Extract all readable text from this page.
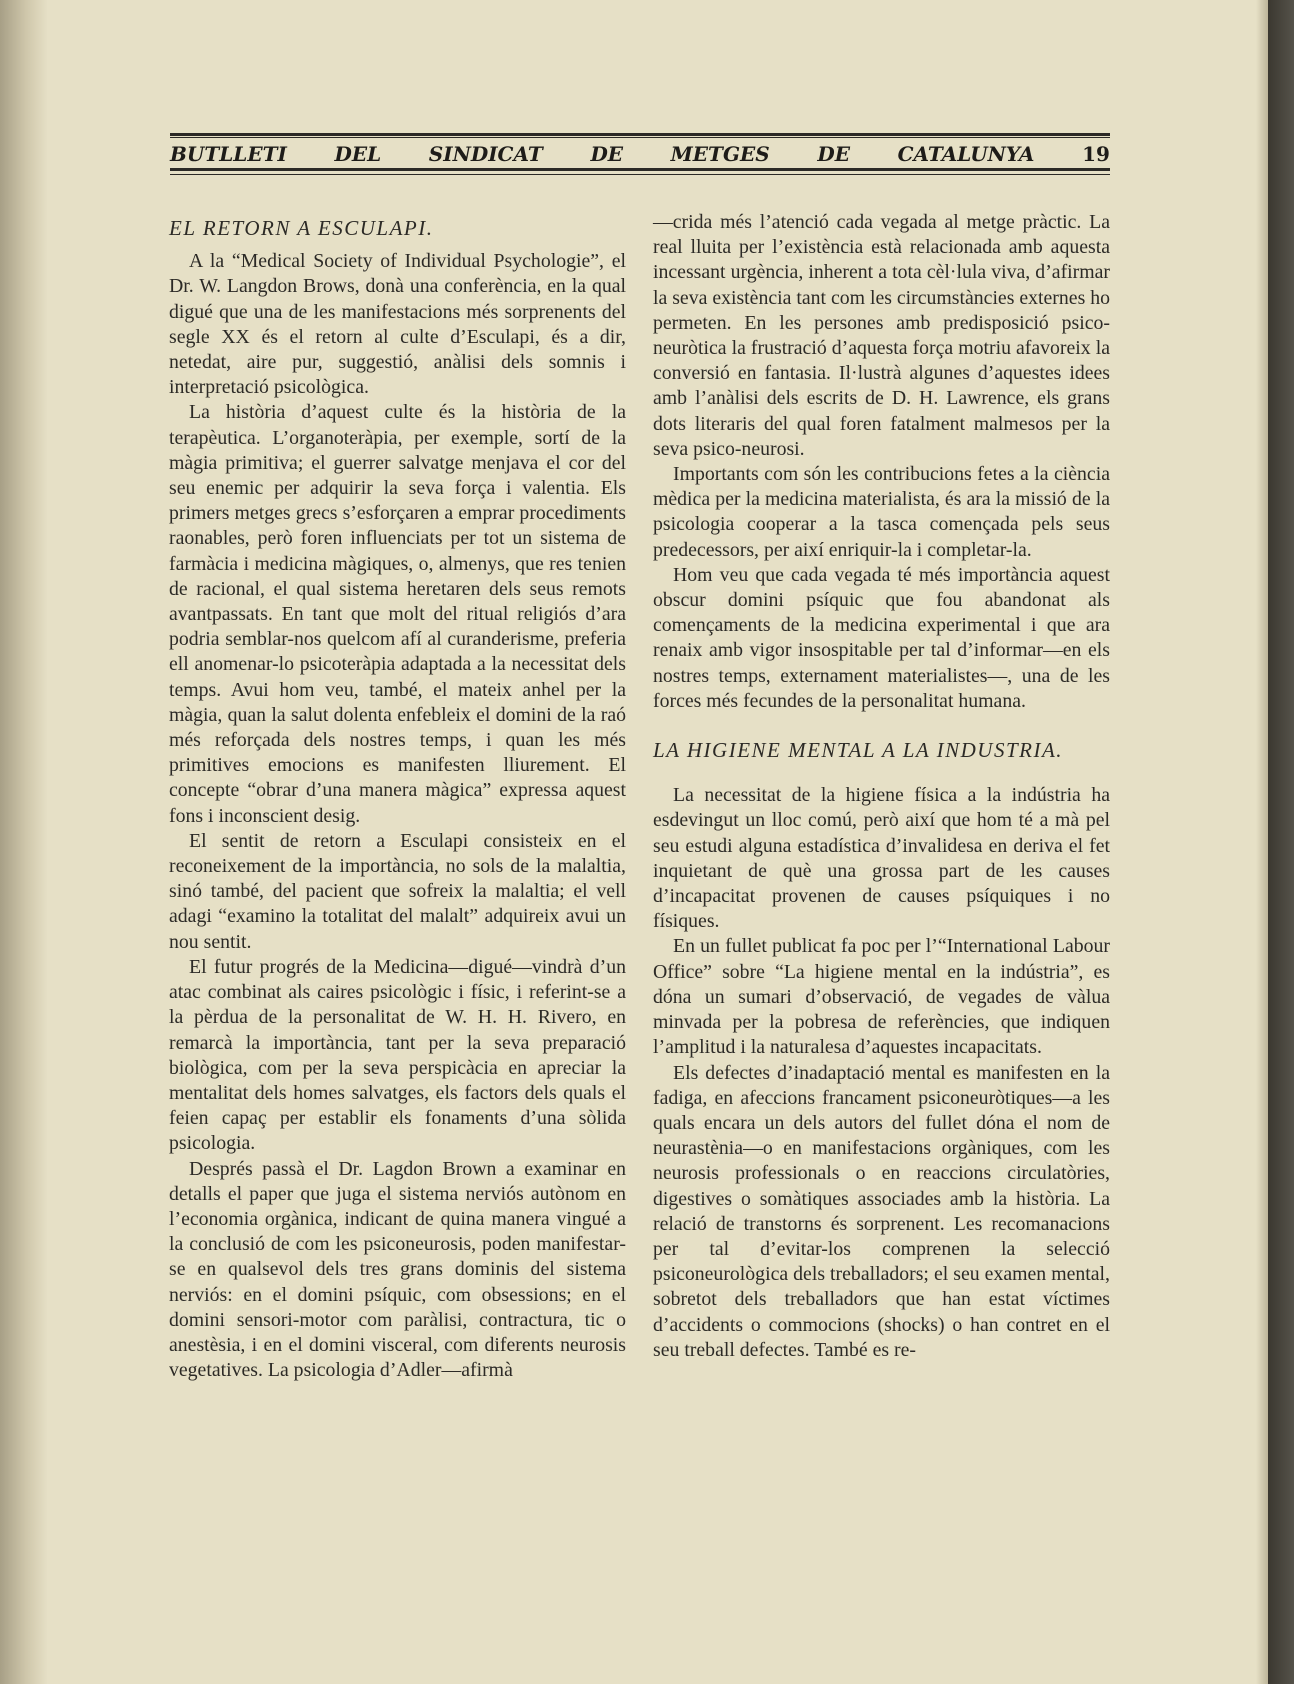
BUTLLETI DEL SINDICAT DE METGES DE CATALUNYA 19
EL RETORN A ESCULAPI.

A la “Medical Society of Individual Psychologie”, el Dr. W. Langdon Brows, donà una conferència, en la qual digué que una de les manifestacions més sorprenents del segle XX és el retorn al culte d’Esculapi, és a dir, netedat, aire pur, suggestió, anàlisi dels somnis i interpretació psicològica.

La història d’aquest culte és la història de la terapèutica. L’organoteràpia, per exemple, sortí de la màgia primitiva; el guerrer salvatge menjava el cor del seu enemic per adquirir la seva força i valentia. Els primers metges grecs s’esforçaren a emprar procediments raonables, però foren influenciats per tot un sistema de farmàcia i medicina màgiques, o, almenys, que res tenien de racional, el qual sistema heretaren dels seus remots avantpassats. En tant que molt del ritual religiós d’ara podria semblar-nos quelcom afí al curanderisme, preferia ell anomenar-lo psicoteràpia adaptada a la necessitat dels temps. Avui hom veu, també, el mateix anhel per la màgia, quan la salut dolenta enfebleix el domini de la raó més reforçada dels nostres temps, i quan les més primitives emocions es manifesten lliurement. El concepte “obrar d’una manera màgica” expressa aquest fons i inconscient desig.

El sentit de retorn a Esculapi consisteix en el reconeixement de la importància, no sols de la malaltia, sinó també, del pacient que sofreix la malaltia; el vell adagi “examino la totalitat del malalt” adquireix avui un nou sentit.

El futur progrés de la Medicina—digué—vindrà d’un atac combinat als caires psicològic i físic, i referint-se a la pèrdua de la personalitat de W. H. H. Rivero, en remarcà la importància, tant per la seva preparació biològica, com per la seva perspicàcia en apreciar la mentalitat dels homes salvatges, els factors dels quals el feien capaç per establir els fonaments d’una sòlida psicologia.

Després passà el Dr. Lagdon Brown a examinar en detalls el paper que juga el sistema nerviós autònom en l’economia orgànica, indicant de quina manera vingué a la conclusió de com les psiconeurosis, poden manifestar-se en qualsevol dels tres grans dominis del sistema nerviós: en el domini psíquic, com obsessions; en el domini sensori-motor com paràlisi, contractura, tic o anestèsia, i en el domini visceral, com diferents neurosis vegetatives. La psicologia d’Adler—afirmà

—crida més l’atenció cada vegada al metge pràctic. La real lluita per l’existència està relacionada amb aquesta incessant urgència, inherent a tota cèl·lula viva, d’afirmar la seva existència tant com les circumstàncies externes ho permeten. En les persones amb predisposició psico-neuròtica la frustració d’aquesta força motriu afavoreix la conversió en fantasia. Il·lustrà algunes d’aquestes idees amb l’anàlisi dels escrits de D. H. Lawrence, els grans dots literaris del qual foren fatalment malmesos per la seva psico-neurosi.

Importants com són les contribucions fetes a la ciència mèdica per la medicina materialista, és ara la missió de la psicologia cooperar a la tasca començada pels seus predecessors, per així enriquir-la i completar-la.

Hom veu que cada vegada té més importància aquest obscur domini psíquic que fou abandonat als començaments de la medicina experimental i que ara renaix amb vigor insospitable per tal d’informar—en els nostres temps, externament materialistes—, una de les forces més fecundes de la personalitat humana.

LA HIGIENE MENTAL A LA INDUSTRIA.

La necessitat de la higiene física a la indústria ha esdevingut un lloc comú, però així que hom té a mà pel seu estudi alguna estadística d’invalidesa en deriva el fet inquietant de què una grossa part de les causes d’incapacitat provenen de causes psíquiques i no físiques.

En un fullet publicat fa poc per l’“International Labour Office” sobre “La higiene mental en la indústria”, es dóna un sumari d’observació, de vegades de vàlua minvada per la pobresa de referències, que indiquen l’amplitud i la naturalesa d’aquestes incapacitats.

Els defectes d’inadaptació mental es manifesten en la fadiga, en afeccions francament psiconeuròtiques—a les quals encara un dels autors del fullet dóna el nom de neurastènia—o en manifestacions orgàniques, com les neurosis professionals o en reaccions circulatòries, digestives o somàtiques associades amb la història. La relació de transtorns és sorprenent. Les recomanacions per tal d’evitar-los comprenen la selecció psiconeurològica dels treballadors; el seu examen mental, sobretot dels treballadors que han estat víctimes d’accidents o commocions (shocks) o han contret en el seu treball defectes. També es re-
